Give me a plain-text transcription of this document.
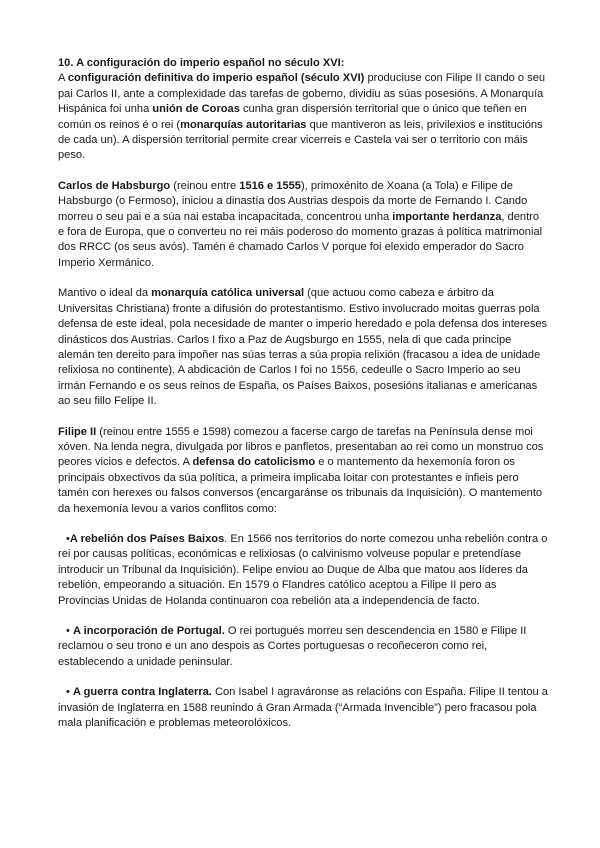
10. A configuración do imperio español no século XVI:

A configuración definitiva do imperio español (século XVI) produciuse con Filipe II cando o seu pai Carlos II, ante a complexidade das tarefas de goberno, dividiu as súas posesións. A Monarquía Hispánica foi unha unión de Coroas cunha gran dispersión territorial que o único que teñen en común os reinos é o rei (monarquías autoritarias que mantiveron as leis, privilexios e institucións de cada un). A dispersión territorial permite crear vicerreis e Castela vai ser o territorio con máis peso.

Carlos de Habsburgo (reinou entre 1516 e 1555), primoxénito de Xoana (a Tola) e Filipe de Habsburgo (o Fermoso), iniciou a dinastía dos Austrias despois da morte de Fernando I. Cando morreu o seu pai e a súa nai estaba incapacitada, concentrou unha importante herdanza, dentro e fora de Europa, que o converteu no rei máis poderoso do momento grazas á política matrimonial dos RRCC (os seus avós). Tamén é chamado Carlos V porque foi elexido emperador do Sacro Imperio Xermánico.

Mantivo o ideal da monarquía católica universal (que actuou como cabeza e árbitro da Universitas Christiana) fronte a difusión do protestantismo. Estivo involucrado moitas guerras pola defensa de este ideal, pola necesidade de manter o imperio heredado e pola defensa dos intereses dinásticos dos Austrias. Carlos I fixo a Paz de Augsburgo en 1555, nela di que cada principe alemán ten dereito para impoñer nas súas terras a súa propia relixión (fracasou a idea de unidade relixiosa no continente). A abdicación de Carlos I foi no 1556, cedeulle o Sacro Imperio ao seu irmán Fernando e os seus reinos de España, os Países Baixos, posesións italianas e americanas ao seu fillo Felipe II.

Filipe II (reinou entre 1555 e 1598) comezou a facerse cargo de tarefas na Península dense moi xóven. Na lenda negra, divulgada por libros e panfletos, presentaban ao rei como un monstruo cos peores vicios e defectos. A defensa do catolicismo e o mantemento da hexemonía foron os principais obxectivos da súa política, a primeira implicaba loitar con protestantes e infieis pero tamén con herexes ou falsos conversos (encargaránse os tribunais da Inquisición). O mantemento da hexemonía levou a varios conflitos como:

•A rebelión dos Países Baixos. En 1566 nos territorios do norte comezou unha rebelión contra o rei por causas políticas, económicas e relixiosas (o calvinismo volveuse popular e pretendíase introducir un Tribunal da Inquisición). Felipe enviou ao Duque de Alba que matou aos líderes da rebelión, empeorando a situación. En 1579 o Flandres católico aceptou a Filipe II pero as Provincias Unidas de Holanda continuaron coa rebelión ata a independencia de facto.

• A incorporación de Portugal. O rei portugués morreu sen descendencia en 1580 e Filipe II reclamou o seu trono e un ano despois as Cortes portuguesas o recoñeceron como rei, establecendo a unidade peninsular.

• A guerra contra Inglaterra. Con Isabel I agraváronse as relacións con España. Filipe II tentou a invasión de Inglaterra en 1588 reunindo á Gran Armada (“Armada Invencible”) pero fracasou pola mala planificación e problemas meteorolóxicos.
